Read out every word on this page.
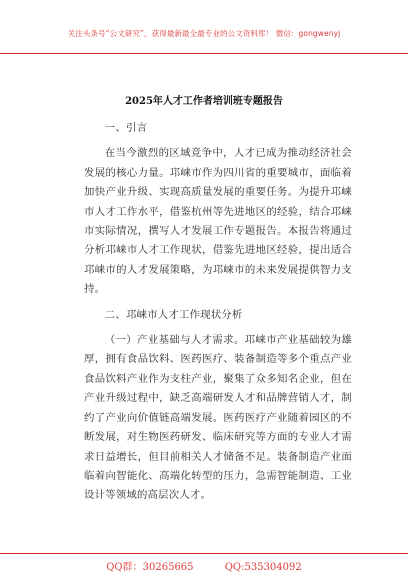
关注头条号“公文研究”，获得最新最全最专业的公文资料库！ 微信：gongwenyj
2025年人才工作者培训班专题报告

一、引言

在当今激烈的区域竞争中，人才已成为推动经济社会发展的核心力量。邛崃市作为四川省的重要城市，面临着加快产业升级、实现高质量发展的重要任务。为提升邛崃市人才工作水平，借鉴杭州等先进地区的经验，结合邛崃市实际情况，撰写人才发展工作专题报告。本报告将通过分析邛崃市人才工作现状，借鉴先进地区经验，提出适合邛崃市的人才发展策略，为邛崃市的未来发展提供智力支持。

二、邛崃市人才工作现状分析

（一）产业基础与人才需求。邛崃市产业基础较为雄厚，拥有食品饮料、医药医疗、装备制造等多个重点产业食品饮料产业作为支柱产业，聚集了众多知名企业，但在产业升级过程中，缺乏高端研发人才和品牌营销人才，制约了产业向价值链高端发展。医药医疗产业随着园区的不断发展，对生物医药研发、临床研究等方面的专业人才需求日益增长，但目前相关人才储备不足。装备制造产业面临着向智能化、高端化转型的压力，急需智能制造、工业设计等领域的高层次人才。

QQ群：30265665	QQ:535304092
